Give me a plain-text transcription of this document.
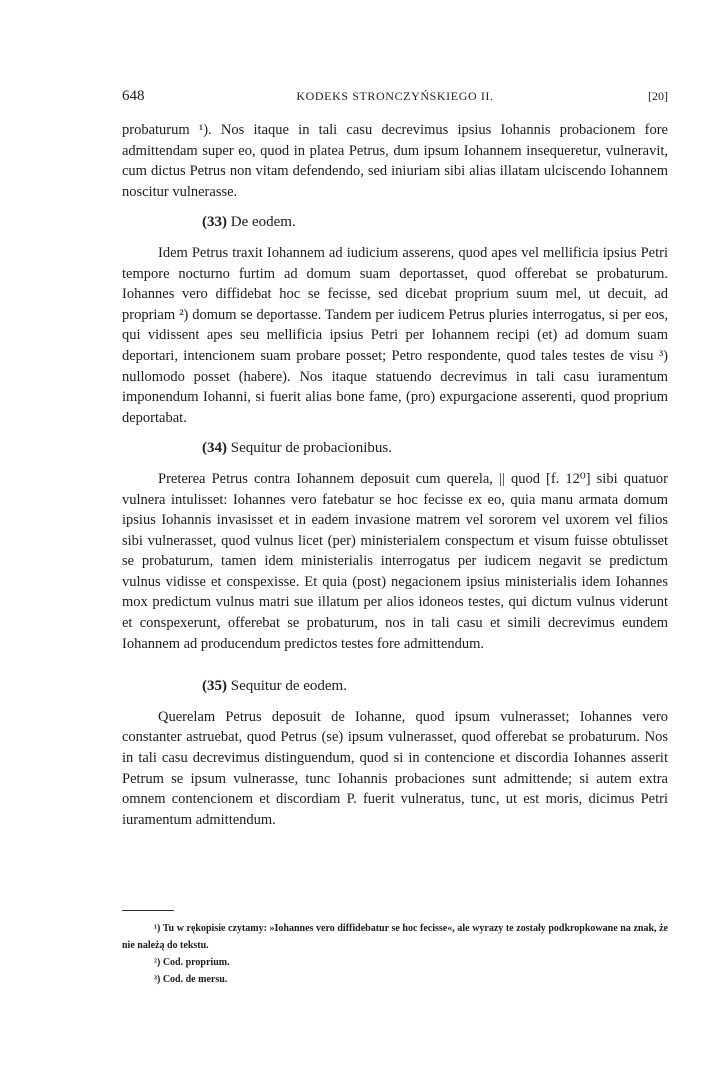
648	KODEKS STRONCZYŃSKIEGO II.	[20]

probaturum ¹). Nos itaque in tali casu decrevimus ipsius Iohannis probacionem fore admittendam super eo, quod in platea Petrus, dum ipsum Iohannem insequeretur, vulneravit, cum dictus Petrus non vitam defendendo, sed iniuriam sibi alias illatam ulciscendo Iohannem noscitur vulnerasse.

(33) De eodem.

Idem Petrus traxit Iohannem ad iudicium asserens, quod apes vel mellificia ipsius Petri tempore nocturno furtim ad domum suam deportasset, quod offerebat se probaturum. Iohannes vero diffidebat hoc se fecisse, sed dicebat proprium suum mel, ut decuit, ad propriam ²) domum se deportasse. Tandem per iudicem Petrus pluries interrogatus, si per eos, qui vidissent apes seu mellificia ipsius Petri per Iohannem recipi (et) ad domum suam deportari, intencionem suam probare posset; Petro respondente, quod tales testes de visu ³) nullomodo posset (habere). Nos itaque statuendo decrevimus in tali casu iuramentum imponendum Iohanni, si fuerit alias bone fame, (pro) expurgacione asserenti, quod proprium deportabat.

(34) Sequitur de probacionibus.

Preterea Petrus contra Iohannem deposuit cum querela, || quod [f. 12⁰] sibi quatuor vulnera intulisset: Iohannes vero fatebatur se hoc fecisse ex eo, quia manu armata domum ipsius Iohannis invasisset et in eadem invasione matrem vel sororem vel uxorem vel filios sibi vulnerasset, quod vulnus licet (per) ministerialem conspectum et visum fuisse obtulisset se probaturum, tamen idem ministerialis interrogatus per iudicem negavit se predictum vulnus vidisse et conspexisse. Et quia (post) negacionem ipsius ministerialis idem Iohannes mox predictum vulnus matri sue illatum per alios idoneos testes, qui dictum vulnus viderunt et conspexerunt, offerebat se probaturum, nos in tali casu et simili decrevimus eundem Iohannem ad producendum predictos testes fore admittendum.

(35) Sequitur de eodem.

Querelam Petrus deposuit de Iohanne, quod ipsum vulnerasset; Iohannes vero constanter astruebat, quod Petrus (se) ipsum vulnerasset, quod offerebat se probaturum. Nos in tali casu decrevimus distinguendum, quod si in contencione et discordia Iohannes asserit Petrum se ipsum vulnerasse, tunc Iohannis probaciones sunt admittende; si autem extra omnem contencionem et discordiam P. fuerit vulneratus, tunc, ut est moris, dicimus Petri iuramentum admittendum.

¹) Tu w rękopisie czytamy: »Iohannes vero diffidebatur se hoc fecisse«, ale wyrazy te zostały podkropkowane na znak, że nie należą do tekstu.

²) Cod. proprium.

³) Cod. de mersu.
